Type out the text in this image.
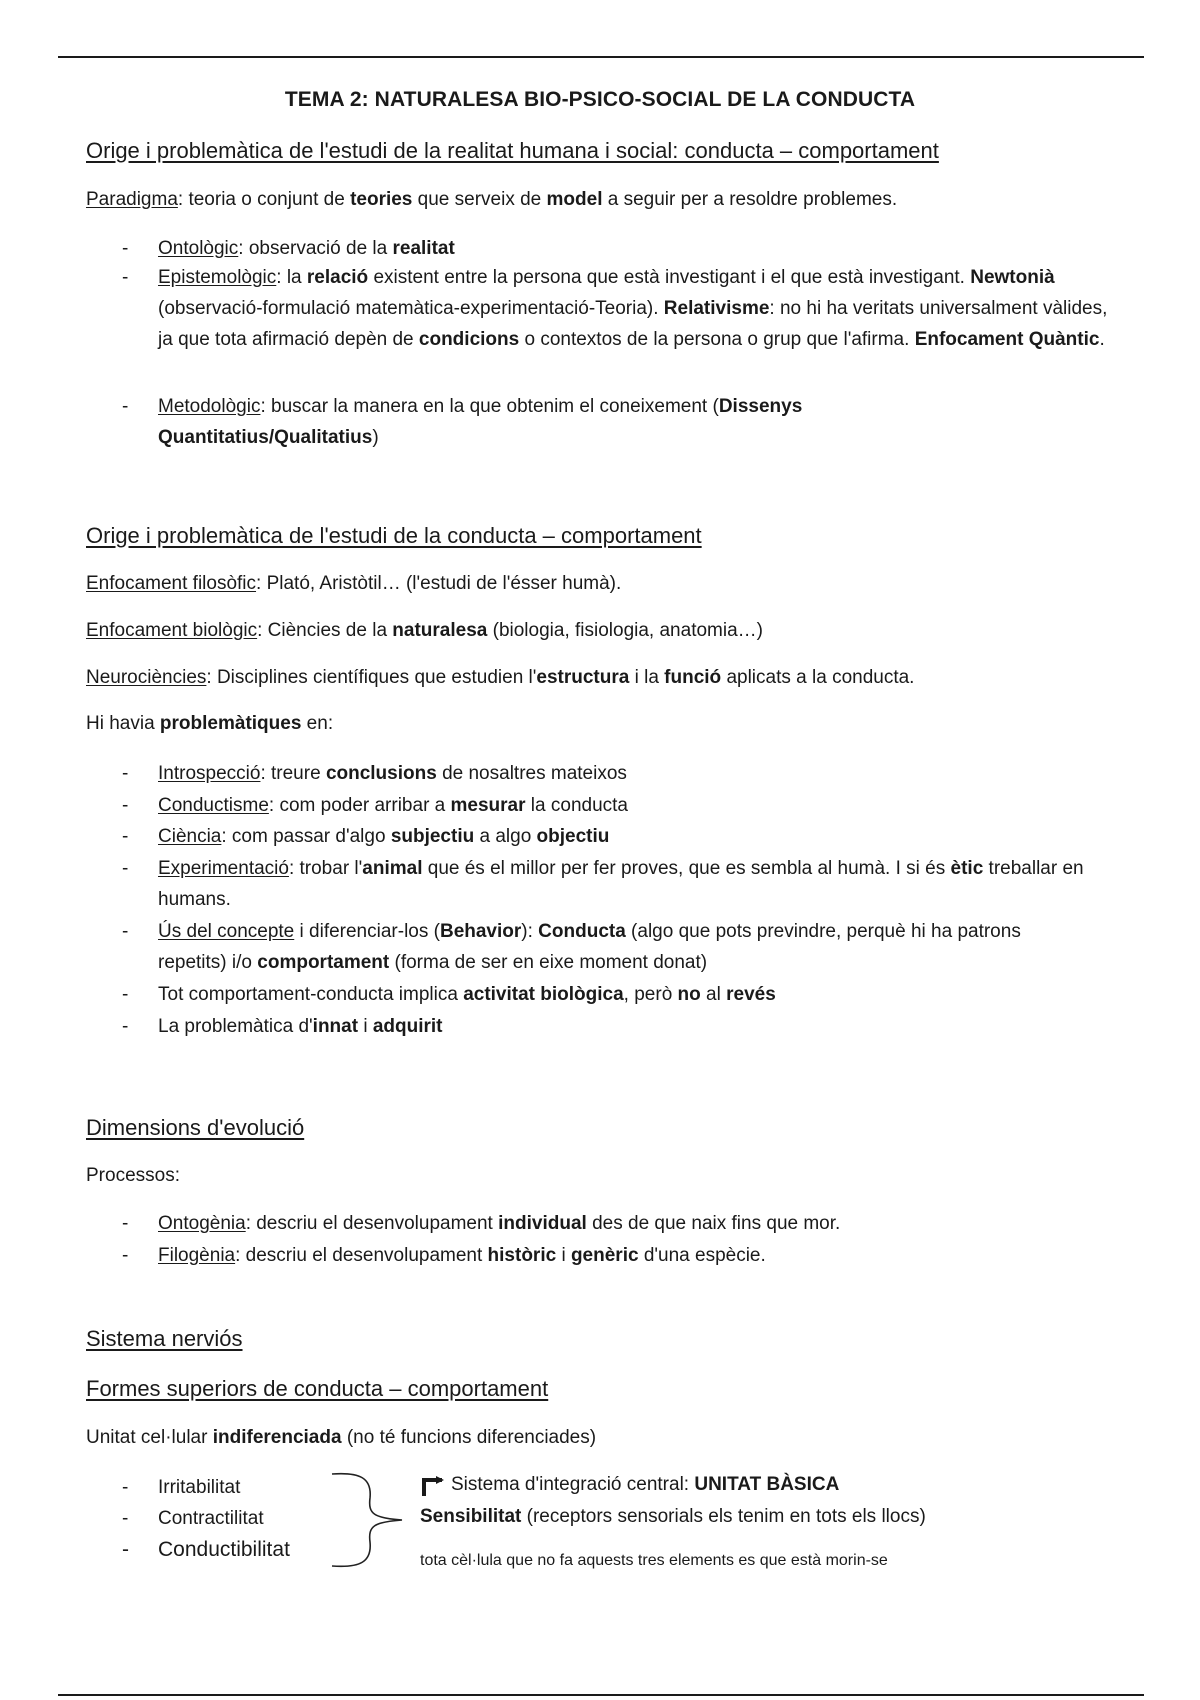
TEMA 2: NATURALESA BIO-PSICO-SOCIAL DE LA CONDUCTA
Orige i problemàtica de l'estudi de la realitat humana i social: conducta – comportament
Paradigma: teoria o conjunt de teories que serveix de model a seguir per a resoldre problemes.
- Ontològic: observació de la realitat
- Epistemològic: la relació existent entre la persona que està investigant i el que està investigant. Newtonià (observació-formulació matemàtica-experimentació-Teoria). Relativisme: no hi ha veritats universalment vàlides, ja que tota afirmació depèn de condicions o contextos de la persona o grup que l'afirma. Enfocament Quàntic.
- Metodològic: buscar la manera en la que obtenim el coneixement (Dissenys Quantitatius/Qualitatius)
Orige i problemàtica de l'estudi de la conducta – comportament
Enfocament filosòfic: Plató, Aristòtil… (l'estudi de l'ésser humà).
Enfocament biològic: Ciències de la naturalesa (biologia, fisiologia, anatomia…)
Neurociències: Disciplines científiques que estudien l'estructura i la funció aplicats a la conducta.
Hi havia problemàtiques en:
- Introspecció: treure conclusions de nosaltres mateixos
- Conductisme: com poder arribar a mesurar la conducta
- Ciència: com passar d'algo subjectiu a algo objectiu
- Experimentació: trobar l'animal que és el millor per fer proves, que es sembla al humà. I si és ètic treballar en humans.
- Ús del concepte i diferenciar-los (Behavior): Conducta (algo que pots previndre, perquè hi ha patrons repetits) i/o comportament (forma de ser en eixe moment donat)
- Tot comportament-conducta implica activitat biològica, però no al revés
- La problemàtica d'innat i adquirit
Dimensions d'evolució
Processos:
- Ontogènia: descriu el desenvolupament individual des de que naix fins que mor.
- Filogènia: descriu el desenvolupament històric i genèric d'una espècie.
Sistema nerviós
Formes superiors de conducta – comportament
Unitat cel·lular indiferenciada (no té funcions diferenciades)
- Irritabilitat
- Contractilitat
- Conductibilitat
Sistema d'integració central: UNITAT BÀSICA
Sensibilitat (receptors sensorials els tenim en tots els llocs)
tota cèl·lula que no fa aquests tres elements es que està morin-se
